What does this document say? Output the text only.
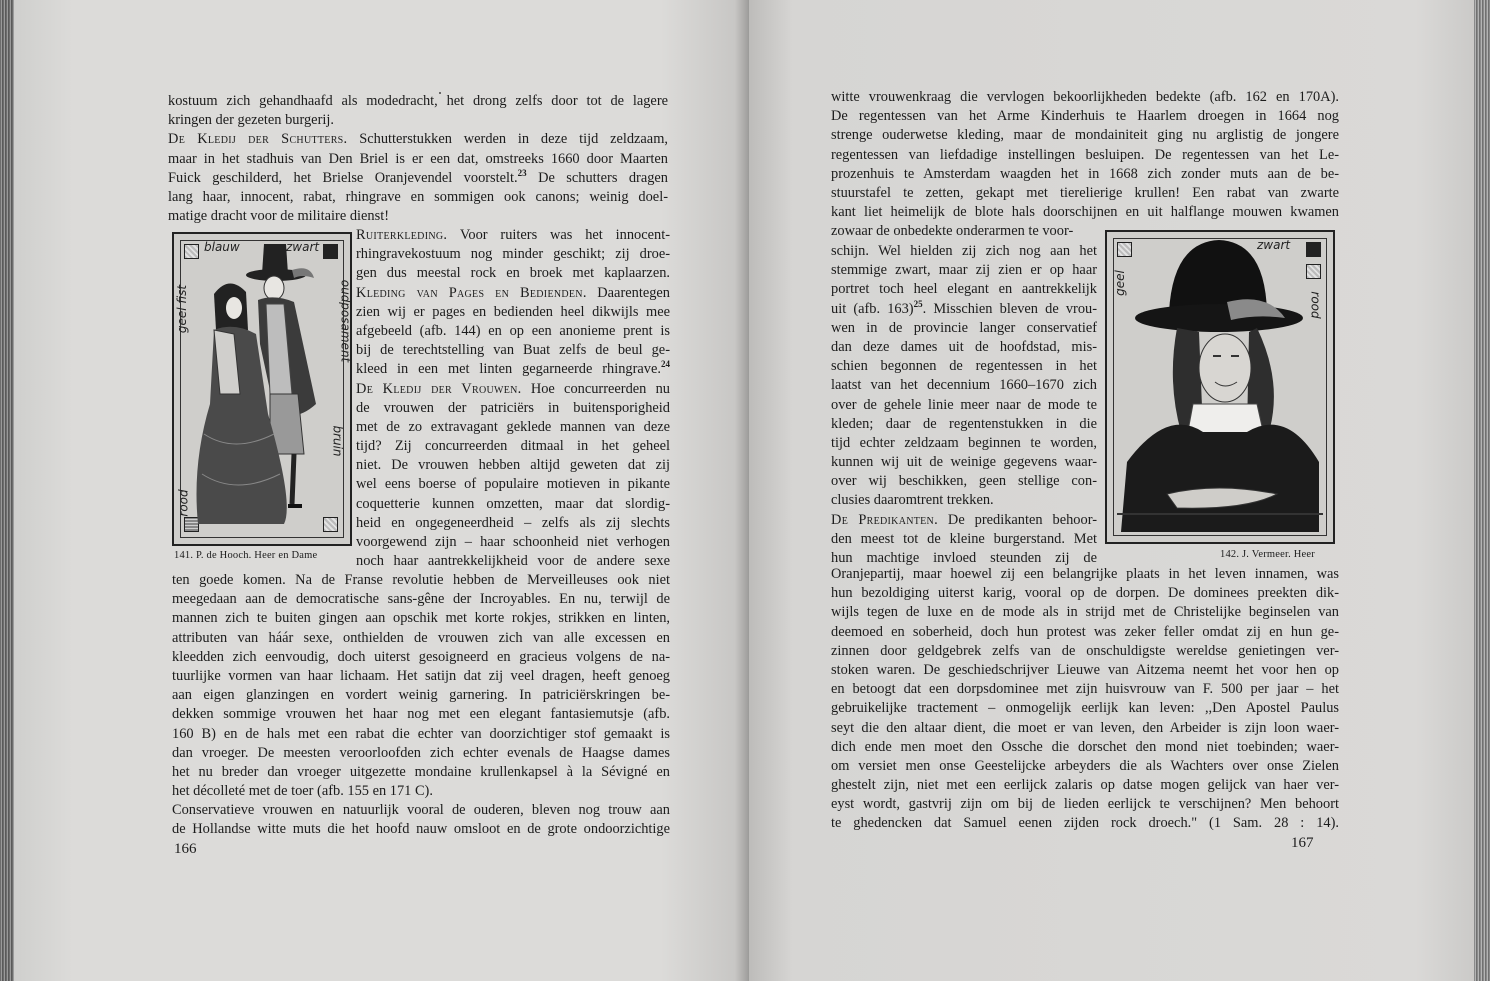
kostuum zich gehandhaafd als modedracht, het drong zelfs door tot de lagere
kringen der gezeten burgerij.
De Kledij der Schutters. Schutterstukken werden in deze tijd zeldzaam,
maar in het stadhuis van Den Briel is er een dat, omstreeks 1660 door Maarten
Fuick geschilderd, het Brielse Oranjevendel voorstelt.$^{23}$ De schutters dragen
lang haar, innocent, rabat, rhingrave en sommigen ook canons; weinig doel-
matige dracht voor de militaire dienst!
blauw	zwart
geel fist	oudposament
bruin
rood
141. P. de Hooch. Heer en Dame
Ruiterkleding. Voor ruiters was het innocent-
rhingravekostuum nog minder geschikt; zij droe-
gen dus meestal rock en broek met kaplaarzen.
Kleding van Pages en Bedienden. Daarentegen
zien wij er pages en bedienden heel dikwijls mee
afgebeeld (afb. 144) en op een anonieme prent is
bij de terechtstelling van Buat zelfs de beul ge-
kleed in een met linten gegarneerde rhingrave.$^{24}$
De Kledij der Vrouwen. Hoe concurreerden nu
de vrouwen der patriciërs in buitensporigheid
met de zo extravagant geklede mannen van deze
tijd? Zij concurreerden ditmaal in het geheel
niet. De vrouwen hebben altijd geweten dat zij
wel eens boerse of populaire motieven in pikante
coquetterie kunnen omzetten, maar dat slordig-
heid en ongegeneerdheid – zelfs als zij slechts
voorgewend zijn – haar schoonheid niet verhogen
noch haar aantrekkelijkheid voor de andere sexe
ten goede komen. Na de Franse revolutie hebben de Merveilleuses ook niet
meegedaan aan de democratische sans-gêne der Incroyables. En nu, terwijl de
mannen zich te buiten gingen aan opschik met korte rokjes, strikken en linten,
attributen van háár sexe, onthielden de vrouwen zich van alle excessen en
kleedden zich eenvoudig, doch uiterst gesoigneerd en gracieus volgens de na-
tuurlijke vormen van haar lichaam. Het satijn dat zij veel dragen, heeft genoeg
aan eigen glanzingen en vordert weinig garnering. In patriciërskringen be-
dekken sommige vrouwen het haar nog met een elegant fantasiemutsje (afb.
160 B) en de hals met een rabat die echter van doorzichtiger stof gemaakt is
dan vroeger. De meesten veroorloofden zich echter evenals de Haagse dames
het nu breder dan vroeger uitgezette mondaine krullenkapsel à la Sévigné en
het décolleté met de toer (afb. 155 en 171 C).
Conservatieve vrouwen en natuurlijk vooral de ouderen, bleven nog trouw aan
de Hollandse witte muts die het hoofd nauw omsloot en de grote ondoorzichtige
166
witte vrouwenkraag die vervlogen bekoorlijkheden bedekte (afb. 162 en 170A).
De regentessen van het Arme Kinderhuis te Haarlem droegen in 1664 nog
strenge ouderwetse kleding, maar de mondainiteit ging nu arglistig de jongere
regentessen van liefdadige instellingen besluipen. De regentessen van het Le-
prozenhuis te Amsterdam waagden het in 1668 zich zonder muts aan de be-
stuurstafel te zetten, gekapt met tierelierige krullen! Een rabat van zwarte
kant liet heimelijk de blote hals doorschijnen en uit halflange mouwen kwamen
zowaar de onbedekte onderarmen te voor-
schijn. Wel hielden zij zich nog aan het
stemmige zwart, maar zij zien er op haar
portret toch heel elegant en aantrekkelijk
uit (afb. 163)$^{25}$. Misschien bleven de vrou-
wen in de provincie langer conservatief
dan deze dames uit de hoofdstad, mis-
schien begonnen de regentessen in het
laatst van het decennium 1660–1670 zich
over de gehele linie meer naar de mode te
kleden; daar de regentenstukken in die
tijd echter zeldzaam beginnen te worden,
kunnen wij uit de weinige gegevens waar-
over wij beschikken, geen stellige con-
clusies daaromtrent trekken.
De Predikanten. De predikanten behoor-
den meest tot de kleine burgerstand. Met
hun machtige invloed steunden zij de
zwart
geel
rood
142. J. Vermeer. Heer
Oranjepartij, maar hoewel zij een belangrijke plaats in het leven innamen, was
hun bezoldiging uiterst karig, vooral op de dorpen. De dominees preekten dik-
wijls tegen de luxe en de mode als in strijd met de Christelijke beginselen van
deemoed en soberheid, doch hun protest was zeker feller omdat zij en hun ge-
zinnen door geldgebrek zelfs van de onschuldigste wereldse genietingen ver-
stoken waren. De geschiedschrijver Lieuwe van Aitzema neemt het voor hen op
en betoogt dat een dorpsdominee met zijn huisvrouw van F. 500 per jaar – het
gebruikelijke tractement – onmogelijk eerlijk kan leven: ,,Den Apostel Paulus
seyt die den altaar dient, die moet er van leven, den Arbeider is zijn loon waer-
dich ende men moet den Ossche die dorschet den mond niet toebinden; waer-
om versiet men onse Geestelijcke arbeyders die als Wachters over onse Zielen
ghestelt zijn, niet met een eerlijck zalaris op datse mogen gelijck van haer ver-
eyst wordt, gastvrij zijn om bij de lieden eerlijck te verschijnen? Men behoort
te ghedencken dat Samuel eenen zijden rock droech." (1 Sam. 28 : 14).
167
